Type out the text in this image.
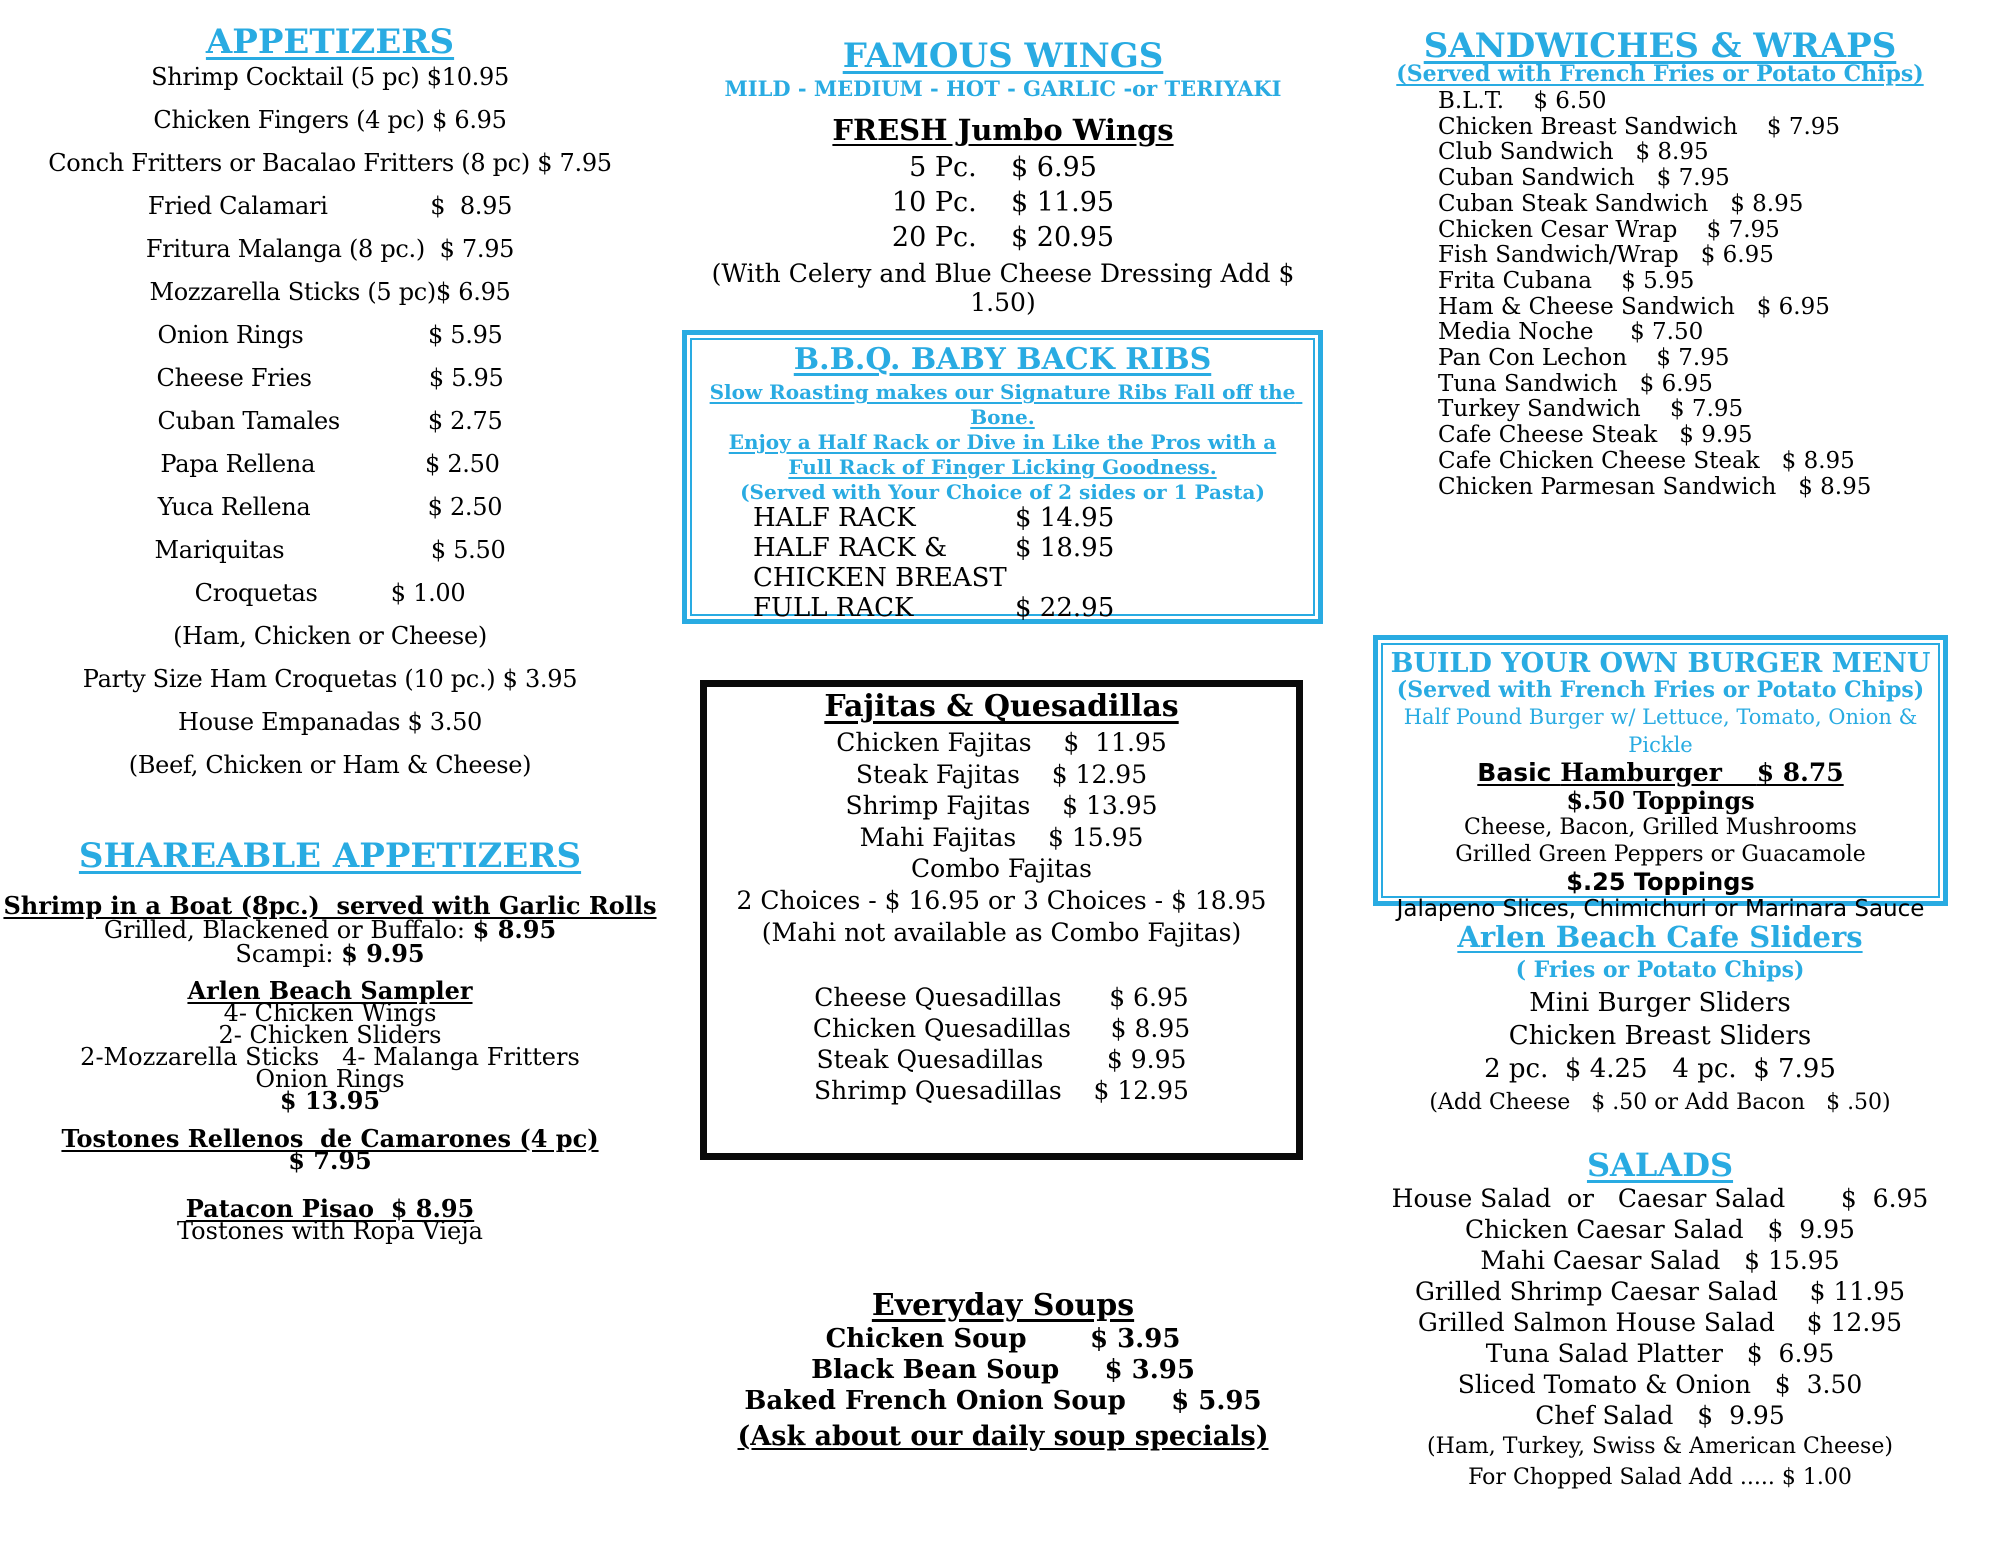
APPETIZERS
Shrimp Cocktail (5 pc) $10.95
Chicken Fingers (4 pc) $ 6.95
Conch Fritters or Bacalao Fritters (8 pc) $ 7.95
Fried Calamari              $  8.95
Fritura Malanga (8 pc.)  $ 7.95
Mozzarella Sticks (5 pc)$ 6.95
Onion Rings                 $ 5.95
Cheese Fries                $ 5.95
Cuban Tamales            $ 2.75
Papa Rellena               $ 2.50
Yuca Rellena                $ 2.50
Mariquitas                    $ 5.50
Croquetas          $ 1.00
(Ham, Chicken or Cheese)
Party Size Ham Croquetas (10 pc.) $ 3.95
House Empanadas $ 3.50
(Beef, Chicken or Ham & Cheese)
SHAREABLE APPETIZERS
Shrimp in a Boat (8pc.)  served with Garlic Rolls
Grilled, Blackened or Buffalo: $ 8.95
Scampi: $ 9.95
Arlen Beach Sampler
4- Chicken Wings
2- Chicken Sliders
2-Mozzarella Sticks   4- Malanga Fritters
Onion Rings
$ 13.95
Tostones Rellenos  de Camarones (4 pc)
$ 7.95
Patacon Pisao  $ 8.95
Tostones with Ropa Vieja
FAMOUS WINGS
MILD - MEDIUM - HOT - GARLIC -or TERIYAKI
FRESH Jumbo Wings
5 Pc.    $ 6.95
10 Pc.    $ 11.95
20 Pc.    $ 20.95
(With Celery and Blue Cheese Dressing Add $ 1.50)
B.B.Q. BABY BACK RIBS
Slow Roasting makes our Signature Ribs Fall off the Bone.
Enjoy a Half Rack or Dive in Like the Pros with a
Full Rack of Finger Licking Goodness.
(Served with Your Choice of 2 sides or 1 Pasta)
HALF RACK	$ 14.95
HALF RACK & CHICKEN BREAST
$ 18.95
FULL RACK	$ 22.95
Fajitas & Quesadillas
Chicken Fajitas    $  11.95
Steak Fajitas    $ 12.95
Shrimp Fajitas    $ 13.95
Mahi Fajitas    $ 15.95
Combo Fajitas
2 Choices - $ 16.95 or 3 Choices - $ 18.95
(Mahi not available as Combo Fajitas)
Cheese Quesadillas      $ 6.95
Chicken Quesadillas     $ 8.95
Steak Quesadillas        $ 9.95
Shrimp Quesadillas    $ 12.95
Everyday Soups
Chicken Soup       $ 3.95
Black Bean Soup     $ 3.95
Baked French Onion Soup     $ 5.95
(Ask about our daily soup specials)
SANDWICHES & WRAPS
(Served with French Fries or Potato Chips)
B.L.T.    $ 6.50
Chicken Breast Sandwich    $ 7.95
Club Sandwich   $ 8.95
Cuban Sandwich   $ 7.95
Cuban Steak Sandwich   $ 8.95
Chicken Cesar Wrap    $ 7.95
Fish Sandwich/Wrap   $ 6.95
Frita Cubana    $ 5.95
Ham & Cheese Sandwich   $ 6.95
Media Noche     $ 7.50
Pan Con Lechon    $ 7.95
Tuna Sandwich   $ 6.95
Turkey Sandwich    $ 7.95
Cafe Cheese Steak   $ 9.95
Cafe Chicken Cheese Steak   $ 8.95
Chicken Parmesan Sandwich   $ 8.95
BUILD YOUR OWN BURGER MENU
(Served with French Fries or Potato Chips)
Half Pound Burger w/ Lettuce, Tomato, Onion & Pickle
Basic Hamburger    $ 8.75
$.50 Toppings
Cheese, Bacon, Grilled Mushrooms
Grilled Green Peppers or Guacamole
$.25 Toppings
Jalapeno Slices, Chimichuri or Marinara Sauce
Arlen Beach Cafe Sliders
( Fries or Potato Chips)
Mini Burger Sliders
Chicken Breast Sliders
2 pc.  $ 4.25   4 pc.  $ 7.95
(Add Cheese   $ .50 or Add Bacon   $ .50)
SALADS
House Salad  or   Caesar Salad       $  6.95
Chicken Caesar Salad   $  9.95
Mahi Caesar Salad   $ 15.95
Grilled Shrimp Caesar Salad    $ 11.95
Grilled Salmon House Salad    $ 12.95
Tuna Salad Platter   $  6.95
Sliced Tomato & Onion   $  3.50
Chef Salad   $  9.95
(Ham, Turkey, Swiss & American Cheese)
For Chopped Salad Add ..... $ 1.00
